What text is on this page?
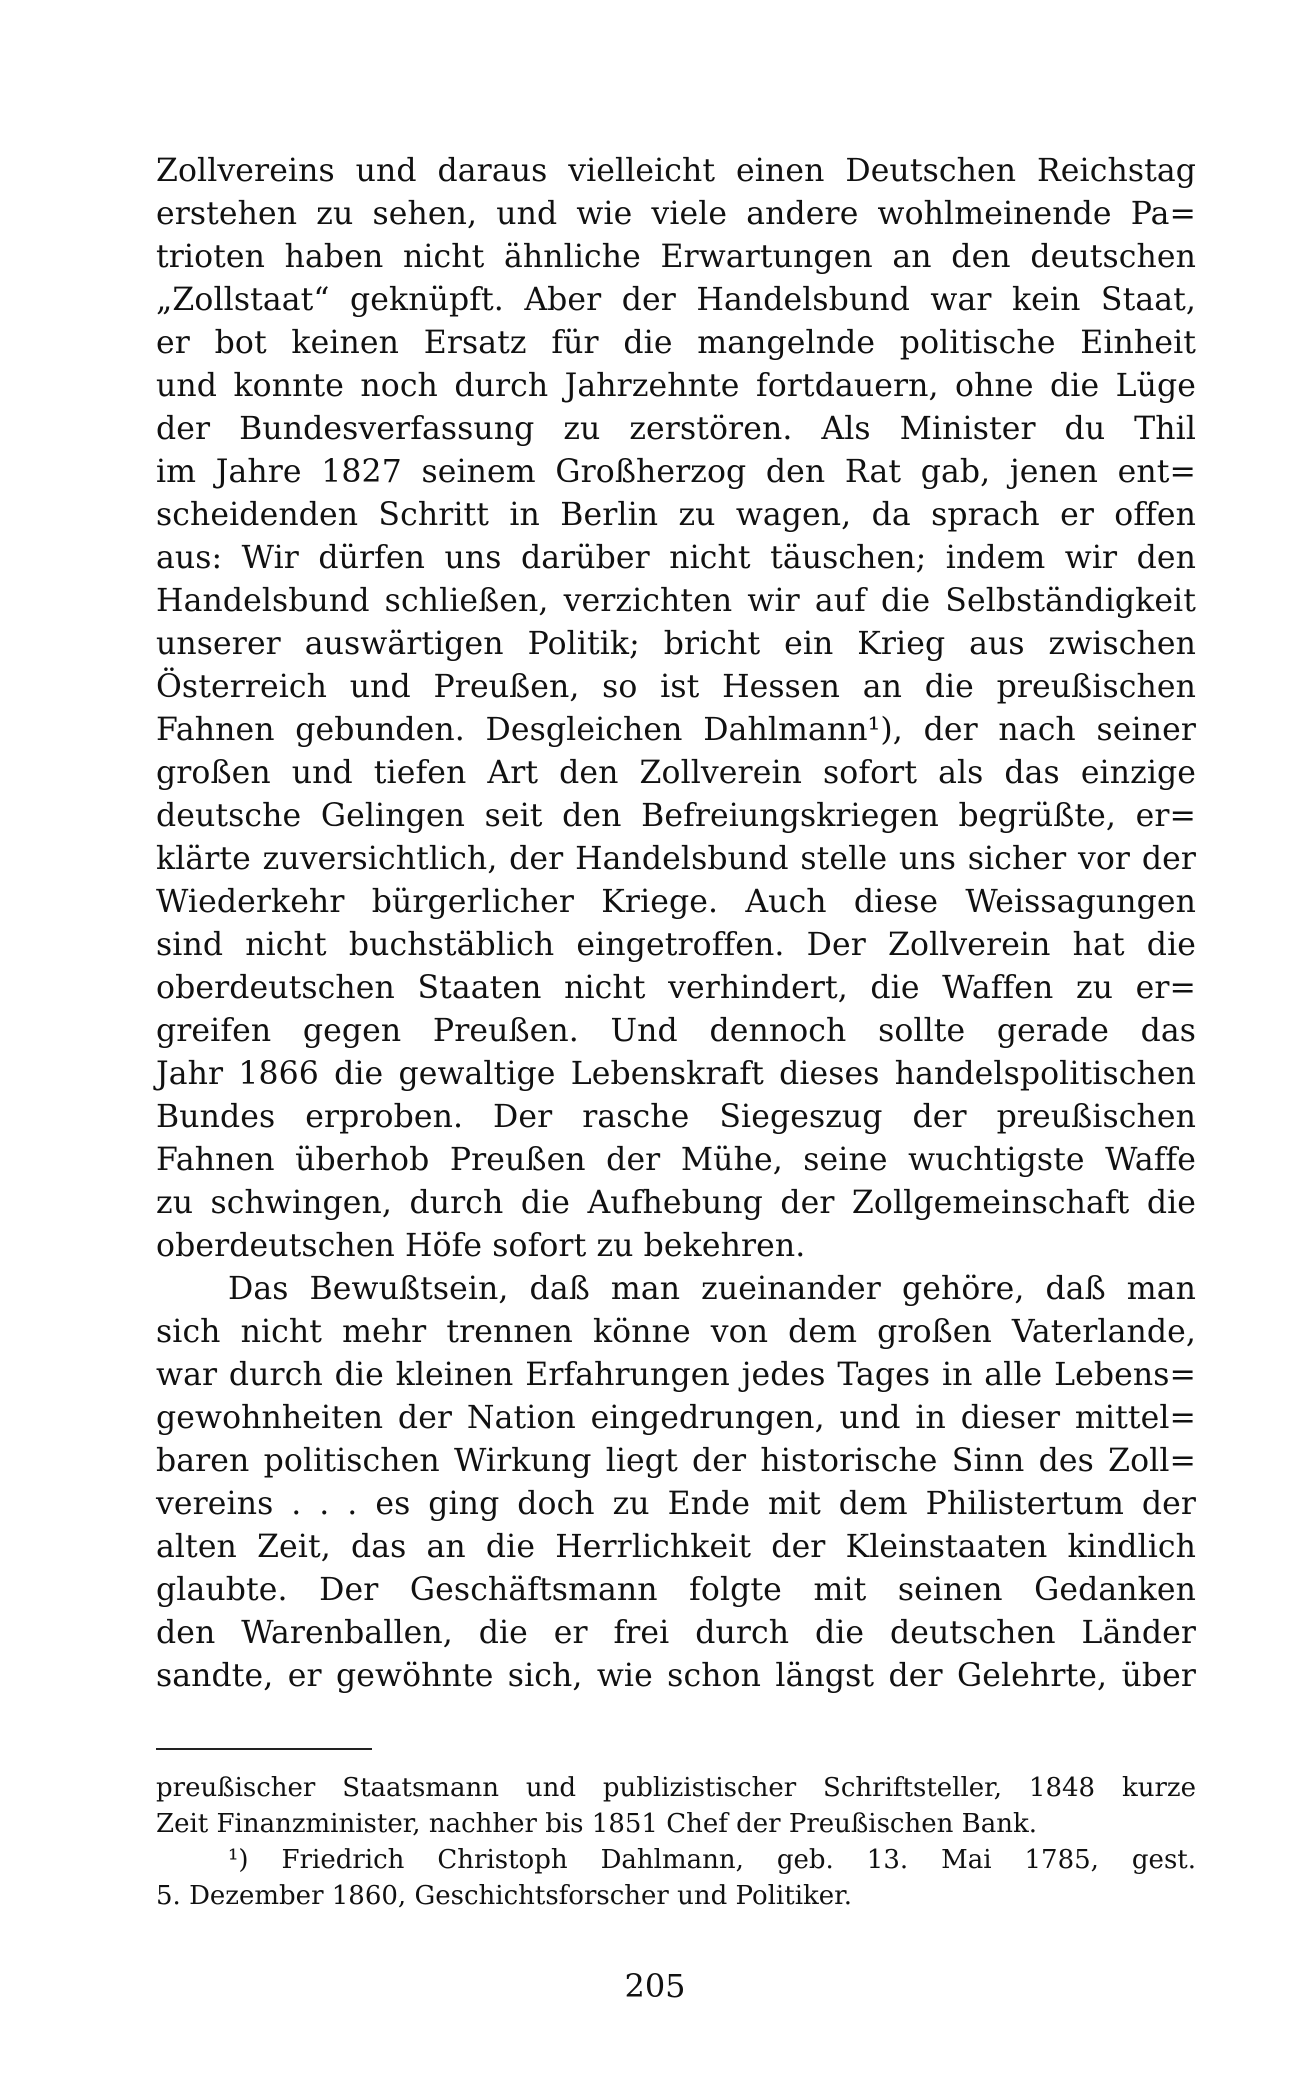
Zollvereins und daraus vielleicht einen Deutschen Reichstag
erstehen zu sehen, und wie viele andere wohlmeinende Pa=
trioten haben nicht ähnliche Erwartungen an den deutschen
„Zollstaat“ geknüpft. Aber der Handelsbund war kein Staat,
er bot keinen Ersatz für die mangelnde politische Einheit
und konnte noch durch Jahrzehnte fortdauern, ohne die Lüge
der Bundesverfassung zu zerstören. Als Minister du Thil
im Jahre 1827 seinem Großherzog den Rat gab, jenen ent=
scheidenden Schritt in Berlin zu wagen, da sprach er offen
aus: Wir dürfen uns darüber nicht täuschen; indem wir den
Handelsbund schließen, verzichten wir auf die Selbständigkeit
unserer auswärtigen Politik; bricht ein Krieg aus zwischen
Österreich und Preußen, so ist Hessen an die preußischen
Fahnen gebunden. Desgleichen Dahlmann¹), der nach seiner
großen und tiefen Art den Zollverein sofort als das einzige
deutsche Gelingen seit den Befreiungskriegen begrüßte, er=
klärte zuversichtlich, der Handelsbund stelle uns sicher vor der
Wiederkehr bürgerlicher Kriege. Auch diese Weissagungen
sind nicht buchstäblich eingetroffen. Der Zollverein hat die
oberdeutschen Staaten nicht verhindert, die Waffen zu er=
greifen gegen Preußen. Und dennoch sollte gerade das
Jahr 1866 die gewaltige Lebenskraft dieses handelspolitischen
Bundes erproben. Der rasche Siegeszug der preußischen
Fahnen überhob Preußen der Mühe, seine wuchtigste Waffe
zu schwingen, durch die Aufhebung der Zollgemeinschaft die
oberdeutschen Höfe sofort zu bekehren.
Das Bewußtsein, daß man zueinander gehöre, daß man
sich nicht mehr trennen könne von dem großen Vaterlande,
war durch die kleinen Erfahrungen jedes Tages in alle Lebens=
gewohnheiten der Nation eingedrungen, und in dieser mittel=
baren politischen Wirkung liegt der historische Sinn des Zoll=
vereins . . . es ging doch zu Ende mit dem Philistertum der
alten Zeit, das an die Herrlichkeit der Kleinstaaten kindlich
glaubte. Der Geschäftsmann folgte mit seinen Gedanken
den Warenballen, die er frei durch die deutschen Länder
sandte, er gewöhnte sich, wie schon längst der Gelehrte, über
preußischer Staatsmann und publizistischer Schriftsteller, 1848 kurze
Zeit Finanzminister, nachher bis 1851 Chef der Preußischen Bank.
¹) Friedrich Christoph Dahlmann, geb. 13. Mai 1785, gest.
5. Dezember 1860, Geschichtsforscher und Politiker.
205
